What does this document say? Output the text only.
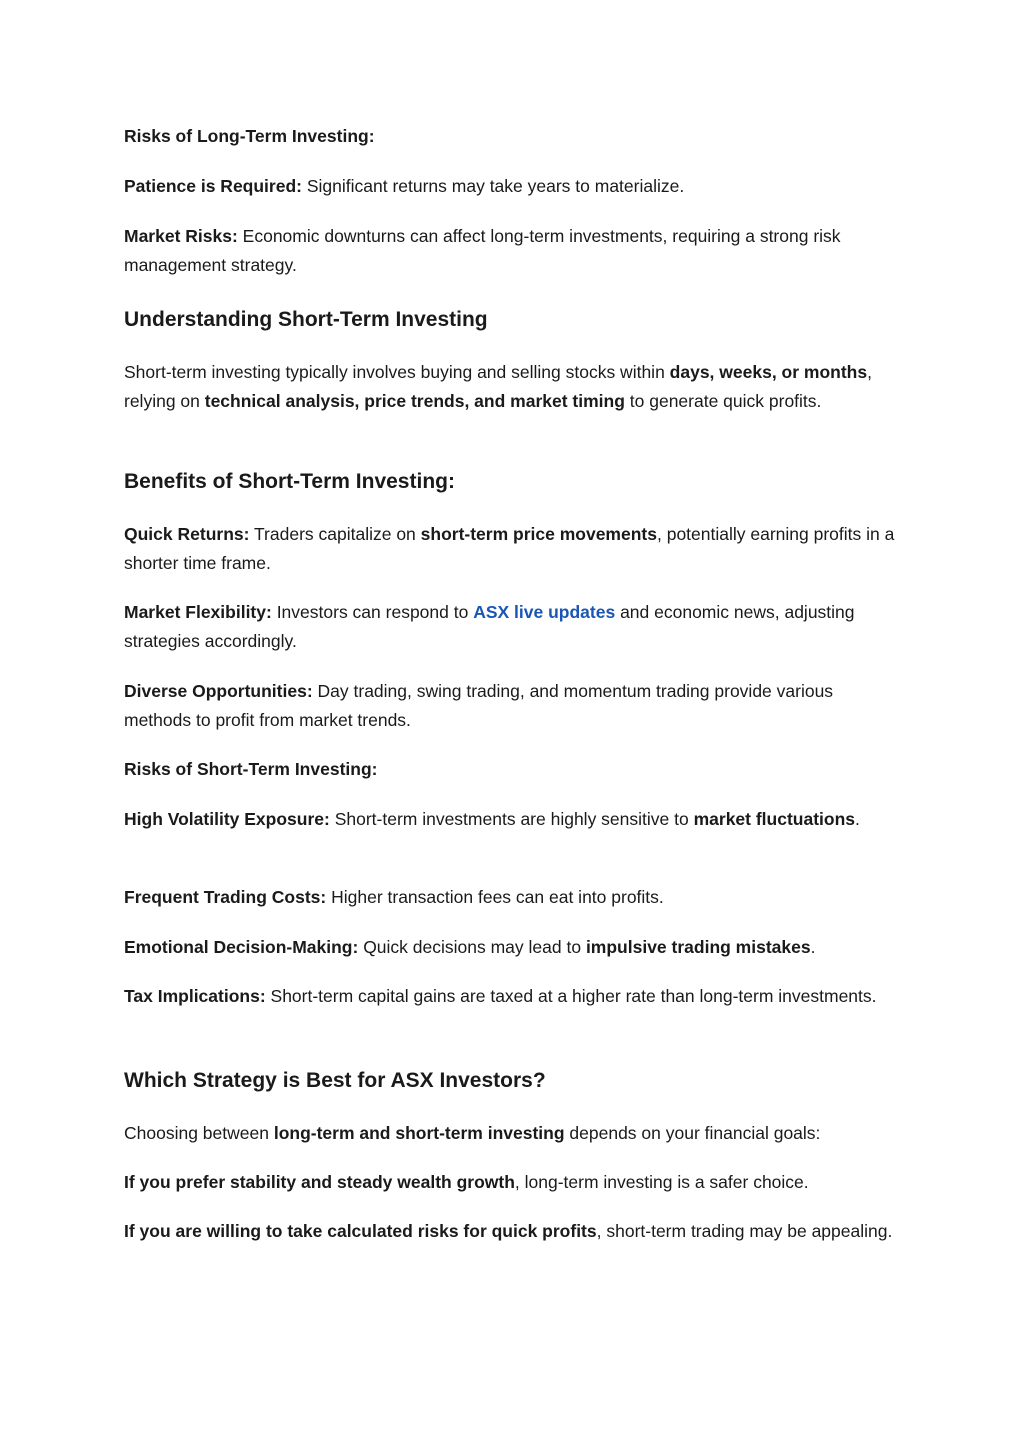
Risks of Long-Term Investing:

Patience is Required: Significant returns may take years to materialize.

Market Risks: Economic downturns can affect long-term investments, requiring a strong risk management strategy.

Understanding Short-Term Investing

Short-term investing typically involves buying and selling stocks within days, weeks, or months, relying on technical analysis, price trends, and market timing to generate quick profits.

Benefits of Short-Term Investing:

Quick Returns: Traders capitalize on short-term price movements, potentially earning profits in a shorter time frame.

Market Flexibility: Investors can respond to ASX live updates and economic news, adjusting strategies accordingly.

Diverse Opportunities: Day trading, swing trading, and momentum trading provide various methods to profit from market trends.

Risks of Short-Term Investing:

High Volatility Exposure: Short-term investments are highly sensitive to market fluctuations.

Frequent Trading Costs: Higher transaction fees can eat into profits.

Emotional Decision-Making: Quick decisions may lead to impulsive trading mistakes.

Tax Implications: Short-term capital gains are taxed at a higher rate than long-term investments.

Which Strategy is Best for ASX Investors?

Choosing between long-term and short-term investing depends on your financial goals:

If you prefer stability and steady wealth growth, long-term investing is a safer choice.

If you are willing to take calculated risks for quick profits, short-term trading may be appealing.
